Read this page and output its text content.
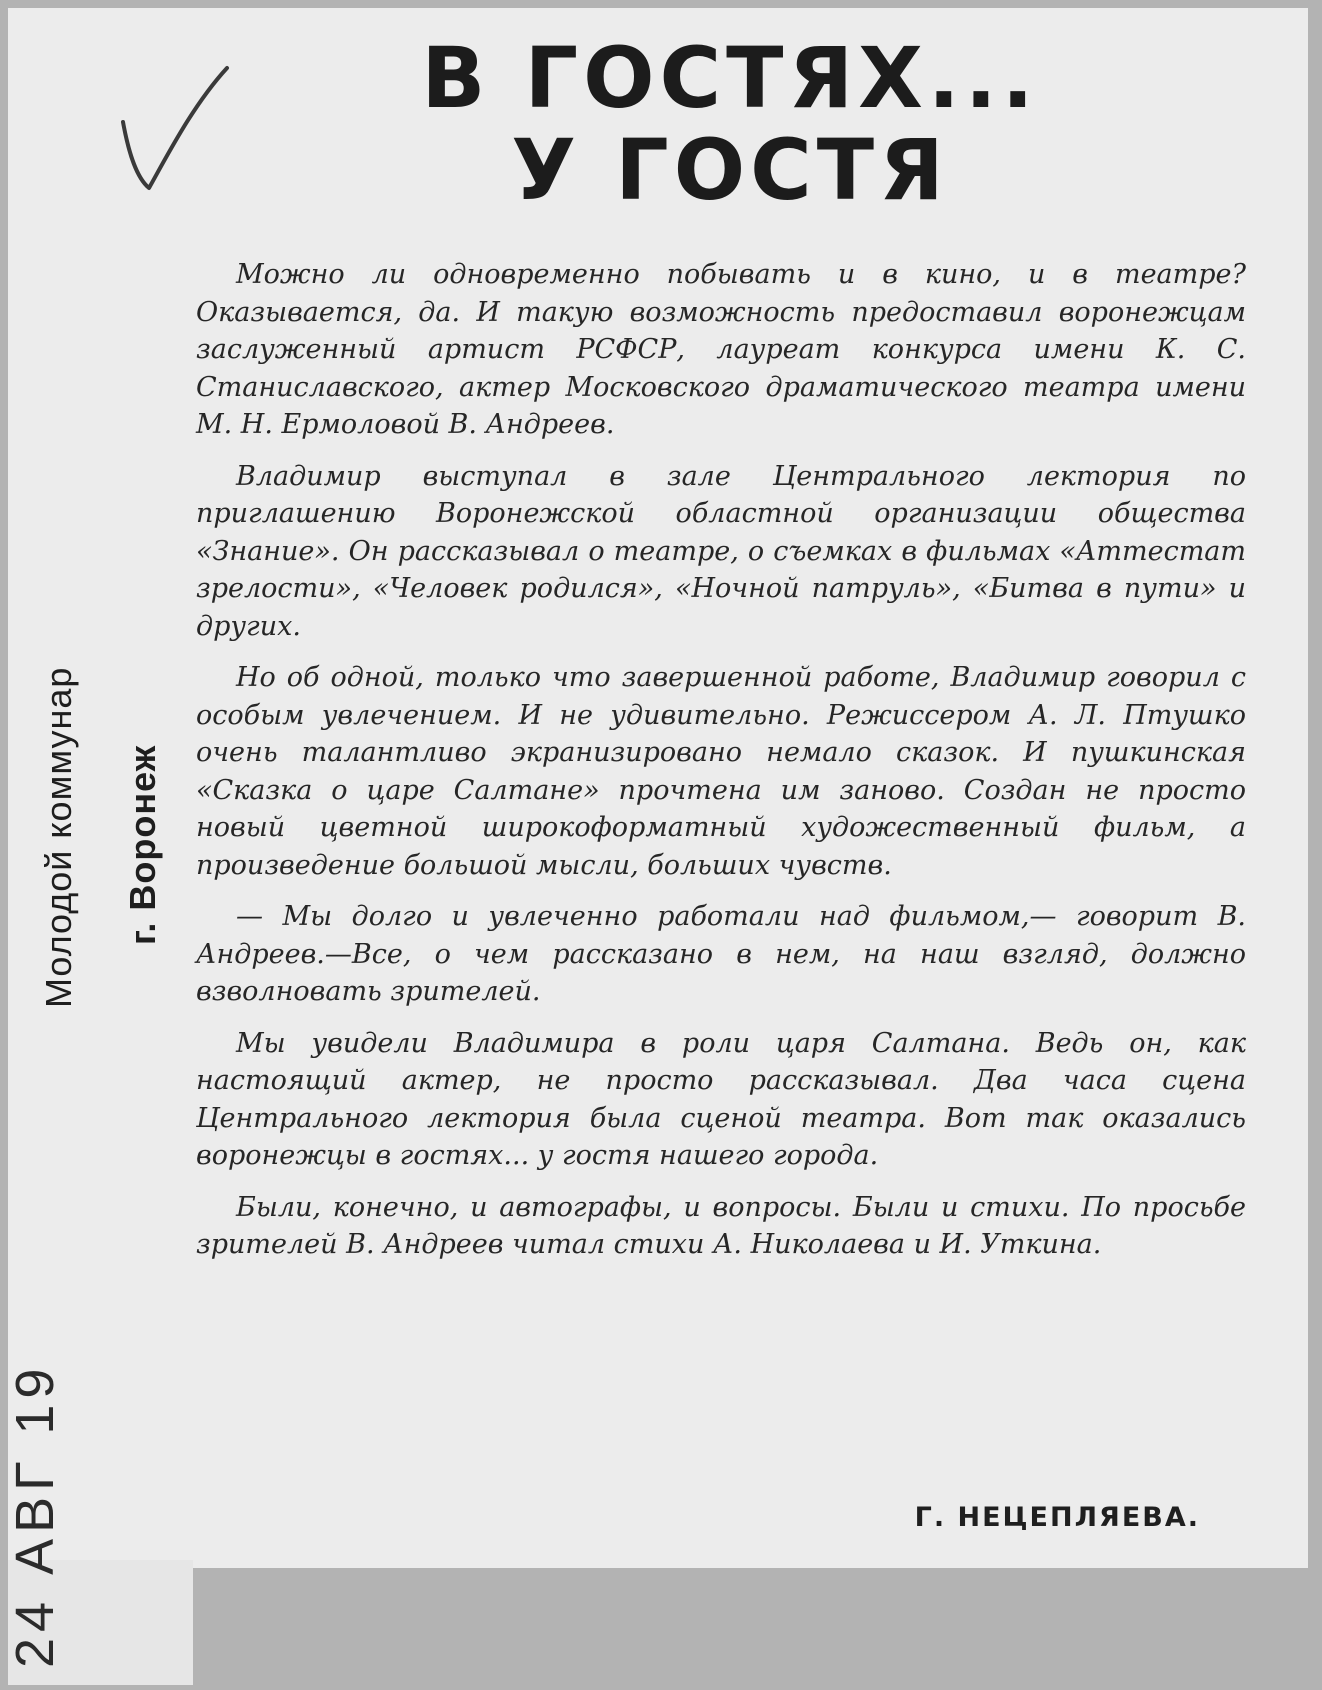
В ГОСТЯХ...
У ГОСТЯ

Можно ли одновременно побывать и в кино, и в театре? Оказывается, да. И такую возможность предоставил воронежцам заслуженный артист РСФСР, лауреат конкурса имени К. С. Станиславского, актер Московского драматического театра имени М. Н. Ермоловой В. Андреев.

Владимир выступал в зале Центрального лектория по приглашению Воронежской областной организации общества «Знание». Он рассказывал о театре, о съемках в фильмах «Аттестат зрелости», «Человек родился», «Ночной патруль», «Битва в пути» и других.

Но об одной, только что завершенной работе, Владимир говорил с особым увлечением. И не удивительно. Режиссером А. Л. Птушко очень талантливо экранизировано немало сказок. И пушкинская «Сказка о царе Салтане» прочтена им заново. Создан не просто новый цветной широкоформатный художественный фильм, а произведение большой мысли, больших чувств.

— Мы долго и увлеченно работали над фильмом,— говорит В. Андреев.—Все, о чем рассказано в нем, на наш взгляд, должно взволновать зрителей.

Мы увидели Владимира в роли царя Салтана. Ведь он, как настоящий актер, не просто рассказывал. Два часа сцена Центрального лектория была сценой театра. Вот так оказались воронежцы в гостях... у гостя нашего города.

Были, конечно, и автографы, и вопросы. Были и стихи. По просьбе зрителей В. Андреев читал стихи А. Николаева и И. Уткина.

Г. НЕЦЕПЛЯЕВА.
Молодой коммунар г. Воронеж
24 АВГ 19
